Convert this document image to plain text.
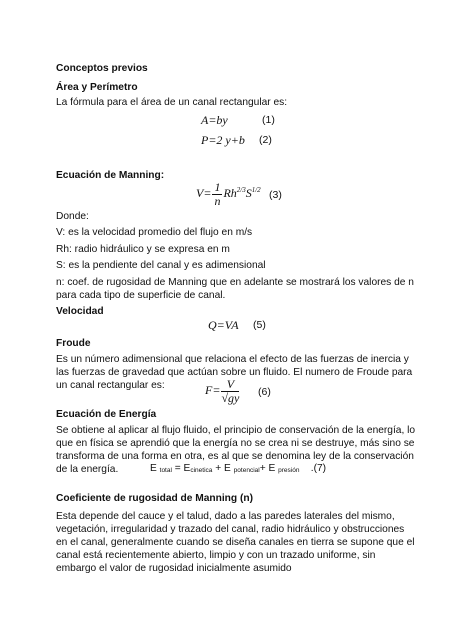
Conceptos previos
Área y Perímetro
La fórmula para el área de un canal rectangular es:
A=by	(1)
P=2 y+b (2)
Ecuación de Manning:
$V= \frac{1}{n} Rh^{2/3}S^{1/2}$ (3)
Donde:
V: es la velocidad promedio del flujo en m/s
Rh: radio hidráulico y se expresa en m
S: es la pendiente del canal y es adimensional
n: coef. de rugosidad de Manning que en adelante se mostrará los valores de n para cada tipo de superficie de canal.
Velocidad
Q=VA (5)
Froude
Es un número adimensional que relaciona el efecto de las fuerzas de inercia y las fuerzas de gravedad que actúan sobre un fluido. El numero de Froude para un canal rectangular es:	$F= \frac{V}{√gy} (6)$
Ecuación de Energía
Se obtiene al aplicar al flujo fluido, el principio de conservación de la energía, lo que en física se aprendió que la energía no se crea ni se destruye, más sino se transforma de una forma en otra, es al que se denomina ley de la conservación de la energía.	E total = Ecinetica + E potencial+ E presión .(7)
Coeficiente de rugosidad de Manning (n)
Esta depende del cauce y el talud, dado a las paredes laterales del mismo, vegetación, irregularidad y trazado del canal, radio hidráulico y obstrucciones en el canal, generalmente cuando se diseña canales en tierra se supone que el canal está recientemente abierto, limpio y con un trazado uniforme, sin embargo el valor de rugosidad inicialmente asumido
